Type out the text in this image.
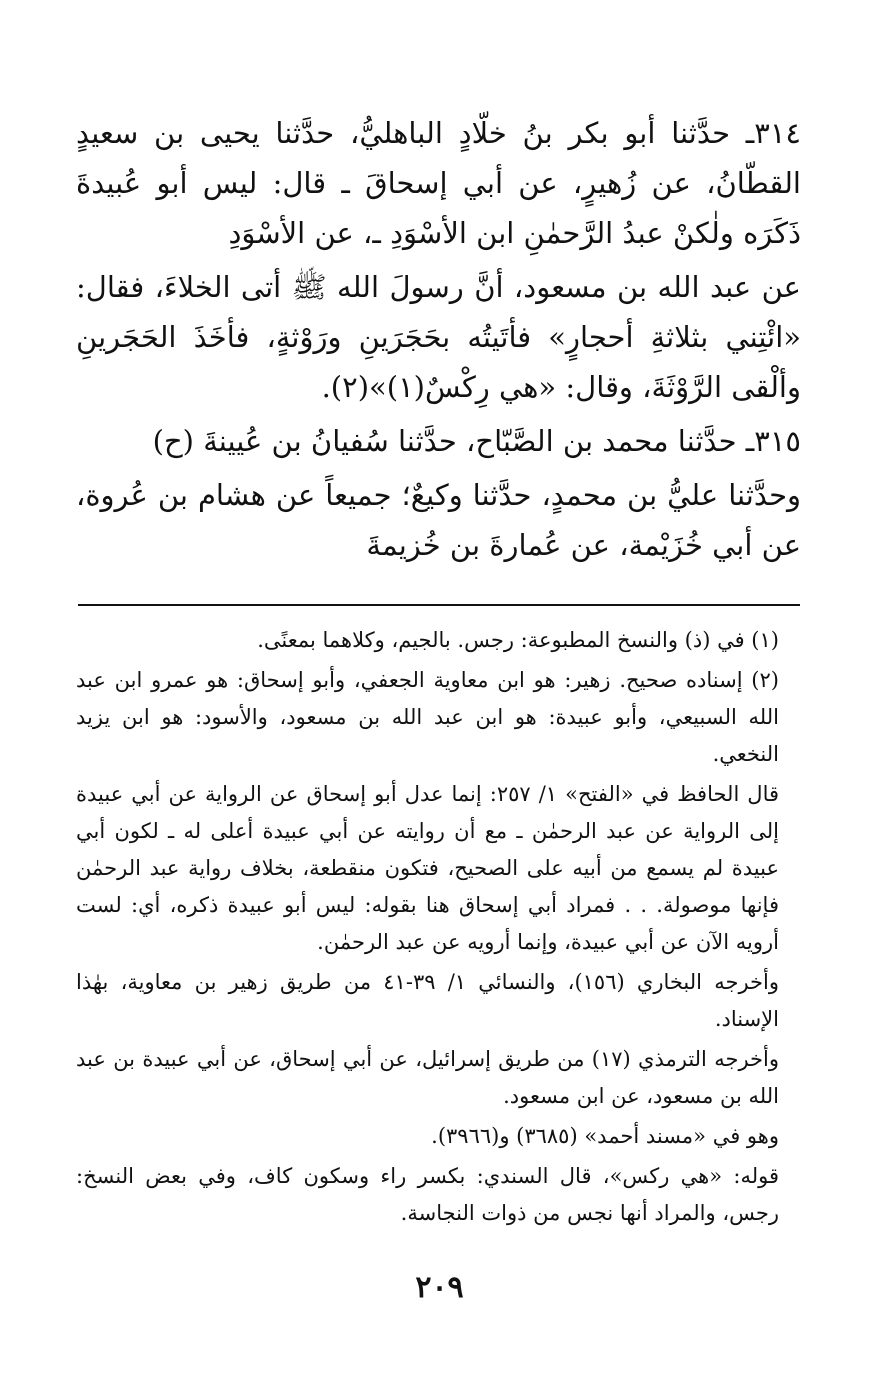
٣١٤ـ حدَّثنا أبو بكر بنُ خلّادٍ الباهليُّ، حدَّثنا يحيى بن سعيدٍ القطّانُ، عن زُهيرٍ، عن أبي إسحاقَ ـ قال: ليس أبو عُبيدةَ ذَكَرَه ولٰكنْ عبدُ الرَّحمٰنِ ابن الأسْوَدِ ـ، عن الأسْوَدِ

عن عبد الله بن مسعود، أنَّ رسولَ الله ﷺ أتى الخلاءَ، فقال: «ائْتِني بثلاثةِ أحجارٍ» فأتَيتُه بحَجَرَينِ ورَوْثةٍ، فأخَذَ الحَجَرينِ وألْقى الرَّوْثَةَ، وقال: «هي رِكْسٌ(١)»(٢).

٣١٥ـ حدَّثنا محمد بن الصَّبّاح، حدَّثنا سُفيانُ بن عُيينةَ (ح)

وحدَّثنا عليُّ بن محمدٍ، حدَّثنا وكيعٌ؛ جميعاً عن هشام بن عُروة، عن أبي خُزَيْمة، عن عُمارةَ بن خُزيمةَ

(١) في (ذ) والنسخ المطبوعة: رجس. بالجيم، وكلاهما بمعنًى.

(٢) إسناده صحيح. زهير: هو ابن معاوية الجعفي، وأبو إسحاق: هو عمرو ابن عبد الله السبيعي، وأبو عبيدة: هو ابن عبد الله بن مسعود، والأسود: هو ابن يزيد النخعي.

قال الحافظ في «الفتح» ١/ ٢٥٧: إنما عدل أبو إسحاق عن الرواية عن أبي عبيدة إلى الرواية عن عبد الرحمٰن ـ مع أن روايته عن أبي عبيدة أعلى له ـ لكون أبي عبيدة لم يسمع من أبيه على الصحيح، فتكون منقطعة، بخلاف رواية عبد الرحمٰن فإنها موصولة. . . فمراد أبي إسحاق هنا بقوله: ليس أبو عبيدة ذكره، أي: لست أرويه الآن عن أبي عبيدة، وإنما أرويه عن عبد الرحمٰن.

وأخرجه البخاري (١٥٦)، والنسائي ١/ ٣٩-٤١ من طريق زهير بن معاوية، بهٰذا الإسناد.

وأخرجه الترمذي (١٧) من طريق إسرائيل، عن أبي إسحاق، عن أبي عبيدة بن عبد الله بن مسعود، عن ابن مسعود.

وهو في «مسند أحمد» (٣٦٨٥) و(٣٩٦٦).

قوله: «هي ركس»، قال السندي: بكسر راء وسكون كاف، وفي بعض النسخ: رجس، والمراد أنها نجس من ذوات النجاسة.

٢٠٩
